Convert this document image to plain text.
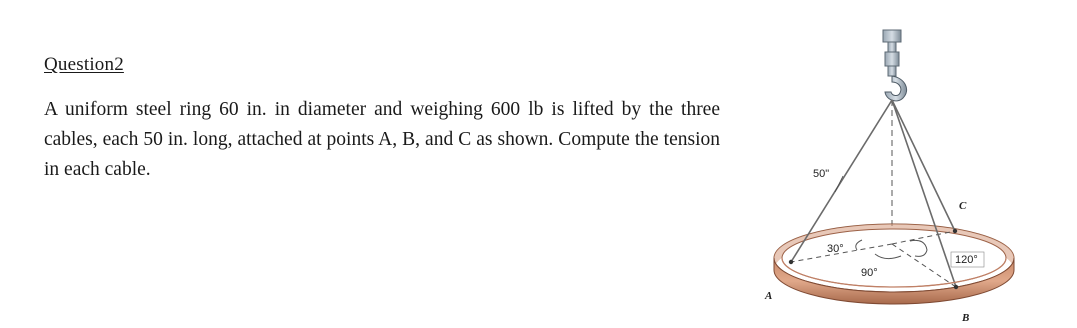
Question2
A uniform steel ring 60 in. in diameter and weighing 600 lb is lifted by the three cables, each 50 in. long, attached at points A, B, and C as shown. Compute the tension in each cable.	50"
30°
90°
120°
A
B
C
